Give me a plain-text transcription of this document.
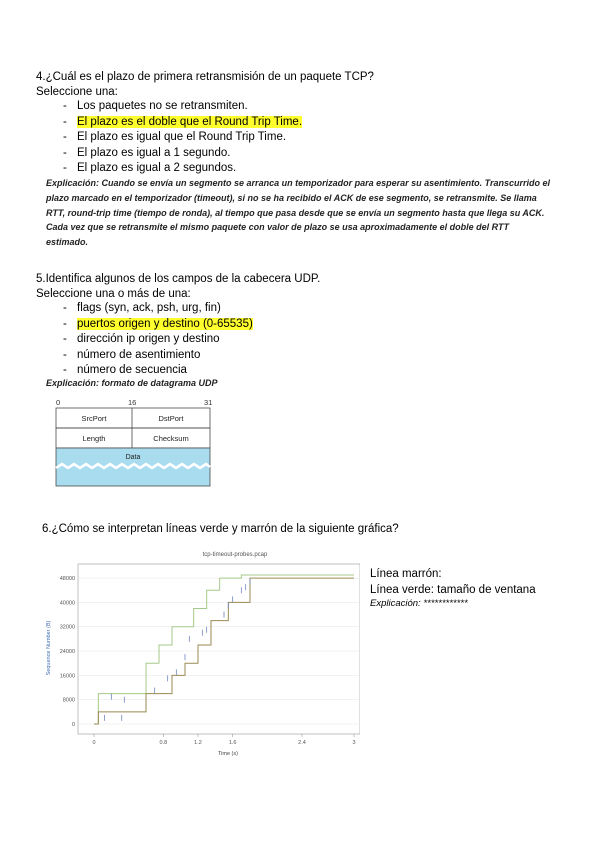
4.¿Cuál es el plazo de primera retransmisión de un paquete TCP?
Seleccione una:
- Los paquetes no se retransmiten.
- El plazo es el doble que el Round Trip Time.
- El plazo es igual que el Round Trip Time.
- El plazo es igual a 1 segundo.
- El plazo es igual a 2 segundos.
Explicación: Cuando se envía un segmento se arranca un temporizador para esperar su asentimiento. Transcurrido el
plazo marcado en el temporizador (timeout), si no se ha recibido el ACK de ese segmento, se retransmite. Se llama
RTT, round-trip time (tiempo de ronda), al tiempo que pasa desde que se envía un segmento hasta que llega su ACK.
Cada vez que se retransmite el mismo paquete con valor de plazo se usa aproximadamente el doble del RTT
estimado.
5.Identifica algunos de los campos de la cabecera UDP.
Seleccione una o más de una:
- flags (syn, ack, psh, urg, fin)
- puertos origen y destino (0-65535)
- dirección ip origen y destino
- número de asentimiento
- número de secuencia
Explicación: formato de datagrama UDP
0	16	31
SrcPort	DstPort
Length	Checksum
Data
6.¿Cómo se interpretan líneas verde y marrón de la siguiente gráfica?
tcp-timeout-probes.pcap
0
8000
16000
24000
32000
40000
48000
0	0.8	1.2	1.6	2.4	3
Time (s)
Sequence Number (B)
Línea marrón:
Línea verde: tamaño de ventana
Explicación: ************
